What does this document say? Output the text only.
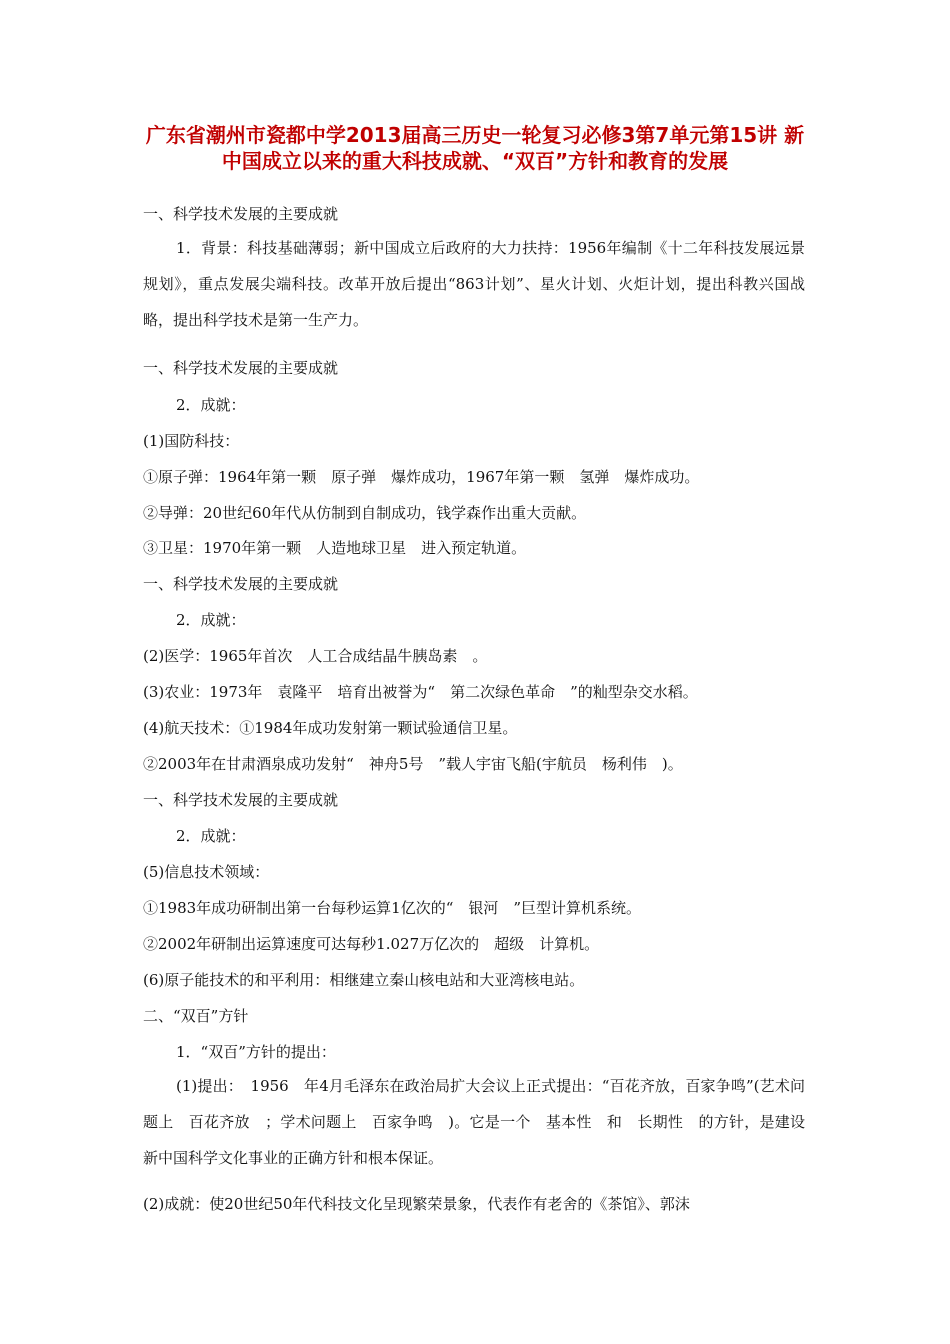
广东省潮州市瓷都中学2013届高三历史一轮复习必修3第7单元第15讲 新中国成立以来的重大科技成就、“双百”方针和教育的发展
一、科学技术发展的主要成就
1．背景：科技基础薄弱；新中国成立后政府的大力扶持：1956年编制《十二年科技发展远景规划》，重点发展尖端科技。改革开放后提出“863计划”、星火计划、火炬计划，提出科教兴国战略，提出科学技术是第一生产力。
一、科学技术发展的主要成就
2．成就：
(1)国防科技：
①原子弹：1964年第一颗　原子弹　爆炸成功，1967年第一颗　氢弹　爆炸成功。
②导弹：20世纪60年代从仿制到自制成功，钱学森作出重大贡献。
③卫星：1970年第一颗　人造地球卫星　进入预定轨道。
一、科学技术发展的主要成就
2．成就：
(2)医学：1965年首次　人工合成结晶牛胰岛素　。
(3)农业：1973年　袁隆平　培育出被誉为“　第二次绿色革命　”的籼型杂交水稻。
(4)航天技术：①1984年成功发射第一颗试验通信卫星。
②2003年在甘肃酒泉成功发射“　神舟5号　”载人宇宙飞船(宇航员　杨利伟　)。
一、科学技术发展的主要成就
2．成就：
(5)信息技术领域：
①1983年成功研制出第一台每秒运算1亿次的“　银河　”巨型计算机系统。
②2002年研制出运算速度可达每秒1.027万亿次的　超级　计算机。
(6)原子能技术的和平利用：相继建立秦山核电站和大亚湾核电站。
二、“双百”方针
1．“双百”方针的提出：
(1)提出：　1956　年4月毛泽东在政治局扩大会议上正式提出：“百花齐放，百家争鸣”(艺术问题上　百花齐放　；学术问题上　百家争鸣　)。它是一个　基本性　和　长期性　的方针，是建设新中国科学文化事业的正确方针和根本保证。
(2)成就：使20世纪50年代科技文化呈现繁荣景象，代表作有老舍的《茶馆》、郭沫
